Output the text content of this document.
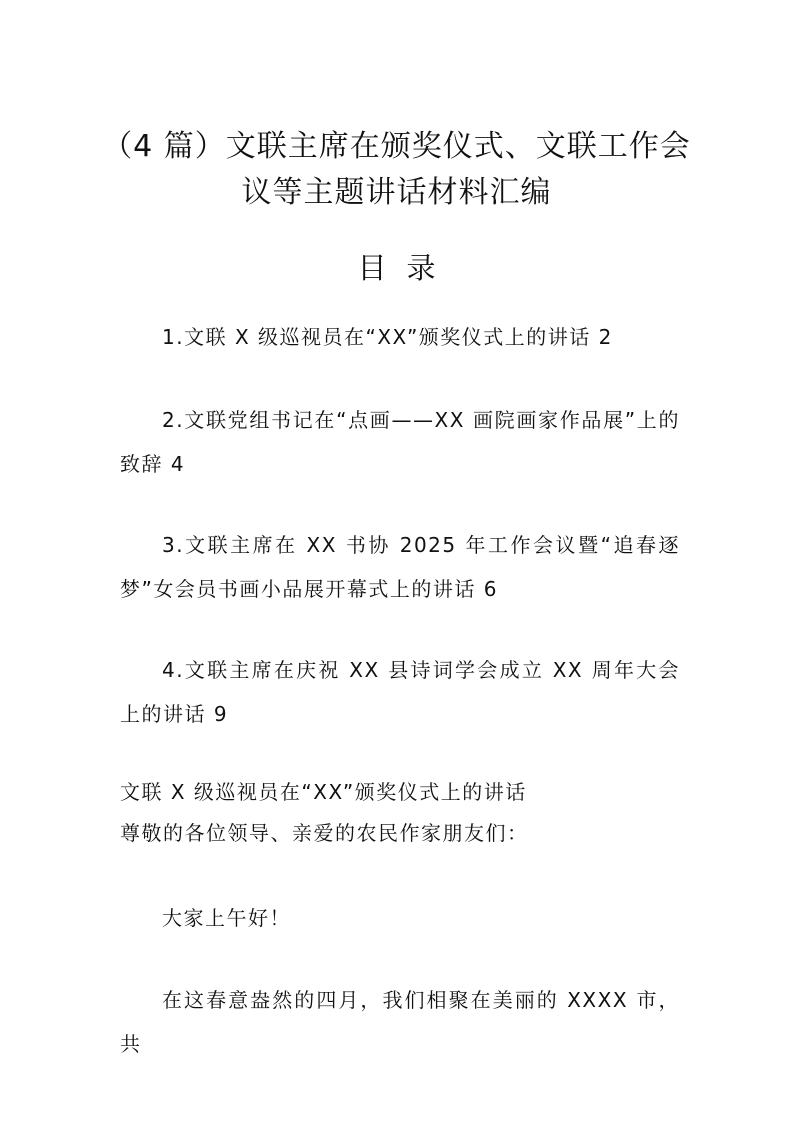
（4 篇）文联主席在颁奖仪式、文联工作会
议等主题讲话材料汇编
目录

1.文联 X 级巡视员在“XX”颁奖仪式上的讲话 2

2.文联党组书记在“点画——XX 画院画家作品展”上的致辞 4

3.文联主席在 XX 书协 2025 年工作会议暨“追春逐梦”女会员书画小品展开幕式上的讲话 6

4.文联主席在庆祝 XX 县诗词学会成立 XX 周年大会上的讲话 9

文联 X 级巡视员在“XX”颁奖仪式上的讲话

尊敬的各位领导、亲爱的农民作家朋友们：

大家上午好！

在这春意盎然的四月，我们相聚在美丽的 XXXX 市，共
